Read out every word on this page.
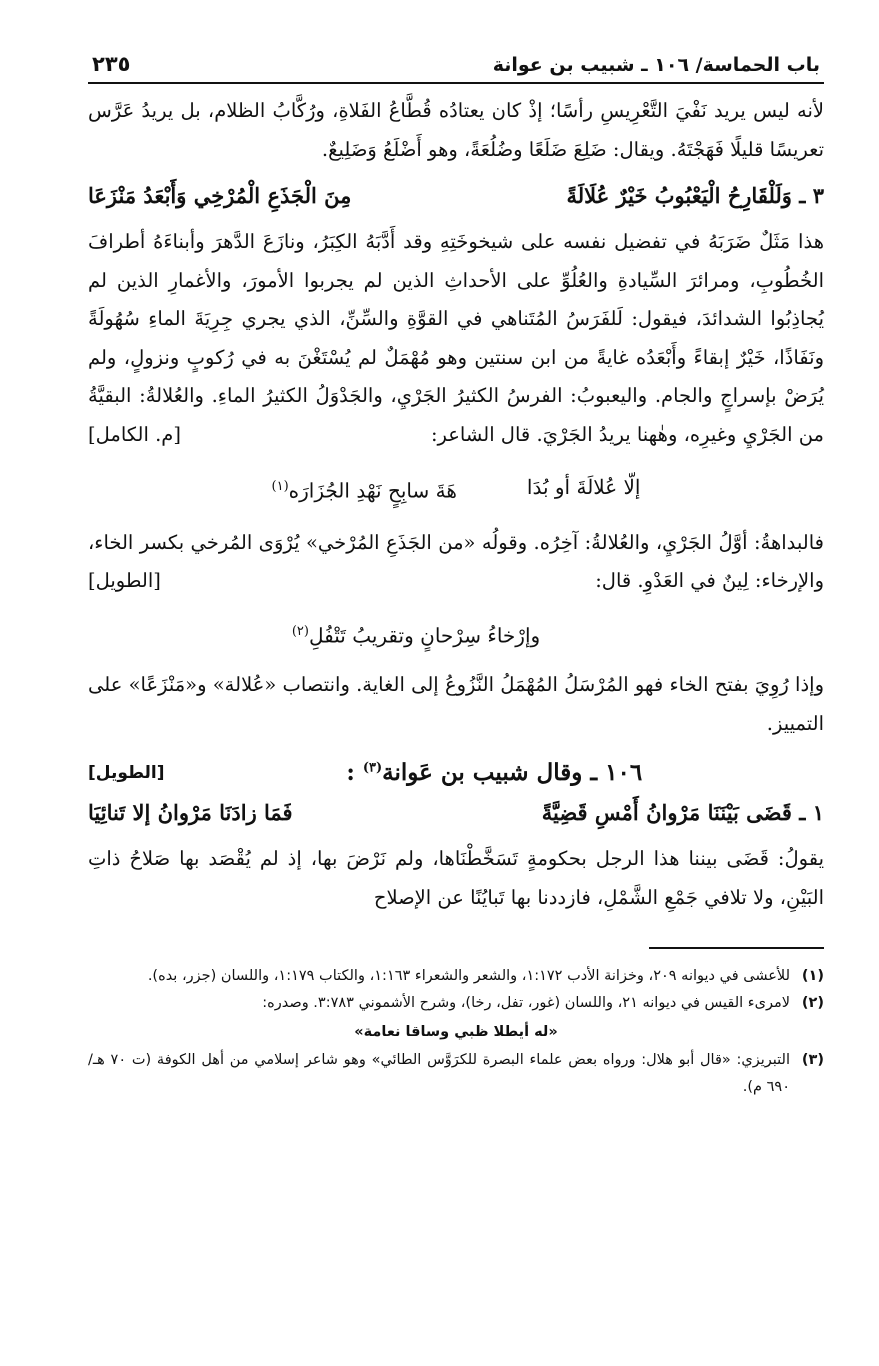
باب الحماسة/ ١٠٦ ـ شبيب بن عوانة
٢٣٥

لأنه ليس يريد نَفْيَ التَّعْرِيسِ رأسًا؛ إذْ كان يعتادُه قُطَّاعُ الفَلاةِ، ورُكَّابُ الظلام، بل يريدُ عَرَّس تعريسًا قليلًا فَهَجْتَهُ. ويقال: ضَلِعَ ضَلَعًا وضُلُعَةً، وهو أَضْلَعُ وَضَلِيعٌ.

٣ ـ وَلَلْقَارِحُ الْيَعْبُوبُ خَيْرٌ عُلَالَةً
مِنَ الْجَذَعِ الْمُرْخِي وَأَبْعَدُ مَنْزَعَا

هذا مَثَلٌ ضَرَبَهُ في تفضيل نفسه على شيخوخَتِهِ وقد أَدَّبَهُ الكِبَرُ، ونازَعَ الدَّهرَ وأبناءَهُ أطرافَ الخُطُوبِ، ومرائرَ السِّيادةِ والعُلُوِّ على الأحداثِ الذين لم يجربوا الأمورَ، والأغمارِ الذين لم يُجاذِبُوا الشدائدَ، فيقول: لَلفَرَسُ المُتَناهي في القوَّةِ والسِّنِّ، الذي يجري جِرِيَةَ الماءِ سُهُولَةً ونَفَاذًا، خَيْرٌ إبقاءً وأَبْعَدُه غايةً من ابن سنتين وهو مُهْمَلٌ لم يُسْتَغْنَ به في رُكوبٍ ونزولٍ، ولم يُرَضْ بإسراجٍ والجام. واليعبوبُ: الفرسُ الكثيرُ الجَرْيِ، والجَدْوَلُ الكثيرُ الماءِ. والعُلالةُ: البقيَّةُ من الجَرْيِ وغيرِه، وهٰهنا يريدُ الجَرْيَ. قال الشاعر:
[م. الكامل]

إلّا عُلالَةَ أو بُدَا
هَةَ سابِحٍ نَهْدِ الجُزَارَه$^{(١)}$

فالبداهةُ: أوَّلُ الجَرْيِ، والعُلالةُ: آخِرُه. وقولُه «من الجَذَعِ المُرْخي» يُرْوَى المُرخي بكسر الخاء، والإرخاء: لِينٌ في العَدْوِ. قال:
[الطويل]

وإرْخاءُ سِرْحانٍ وتقريبُ تَتْفُلِ$^{(٢)}$

وإذا رُوِيَ بفتح الخاء فهو المُرْسَلُ المُهْمَلُ النَّزُوعُ إلى الغاية. وانتصاب «عُلالة» و«مَنْزَعًا» على التمييز.

١٠٦ ـ وقال شبيب بن عَوانة$^{(٣)}$ :
[الطويل]
١ ـ قَضَى بَيْنَنَا مَرْوانُ أَمْسِ قَضِيَّةً
فَمَا زادَنَا مَرْوانُ إلا تَنائِيَا

يقولُ: قَضَى بيننا هذا الرجل بحكومةٍ تَسَخَّطْنَاها، ولم نَرْضَ بها، إذ لم يُقْصَد بها صَلاحُ ذاتِ البَيْنِ، ولا تلافي جَمْعِ الشَّمْلِ، فازددنا بها تَبايُنًا عن الإصلاح

(١)
للأعشى في ديوانه ٢٠٩، وخزانة الأدب ١:١٧٢، والشعر والشعراء ١:١٦٣، والكتاب ١:١٧٩، واللسان (جزر، بده).
(٢)
لامرىء القيس في ديوانه ٢١، واللسان (غور، تفل، رخا)، وشرح الأشموني ٣:٧٨٣. وصدره:
«له أيطلا ظبي وساقا نعامة»
(٣)
التبريزي: «قال أبو هلال: ورواه بعض علماء البصرة للكرَوَّس الطائي» وهو شاعر إسلامي من أهل الكوفة (ت ٧٠ هـ/ ٦٩٠ م).
